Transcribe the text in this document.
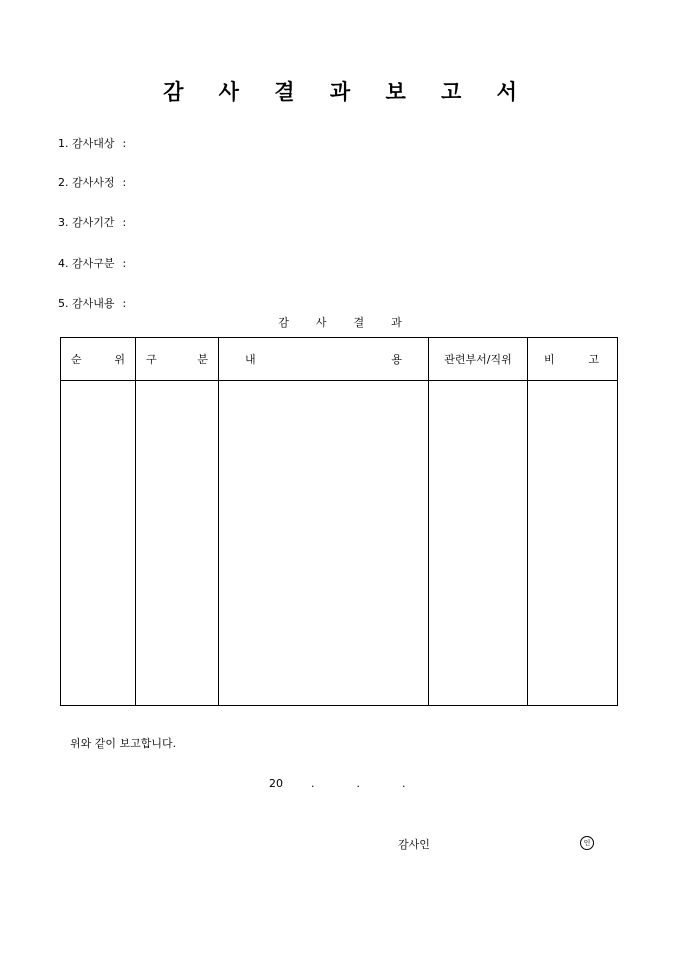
감 사 결 과 보 고 서
1. 감사대상 :
2. 감사사정 :
3. 감사기간 :
4. 감사구분 :
5. 감사내용 :
감사결과
순 위	구 분	내 용	관련부서/직위	비 고

위와 같이 보고합니다.
20	.	.	.
감사인	인
